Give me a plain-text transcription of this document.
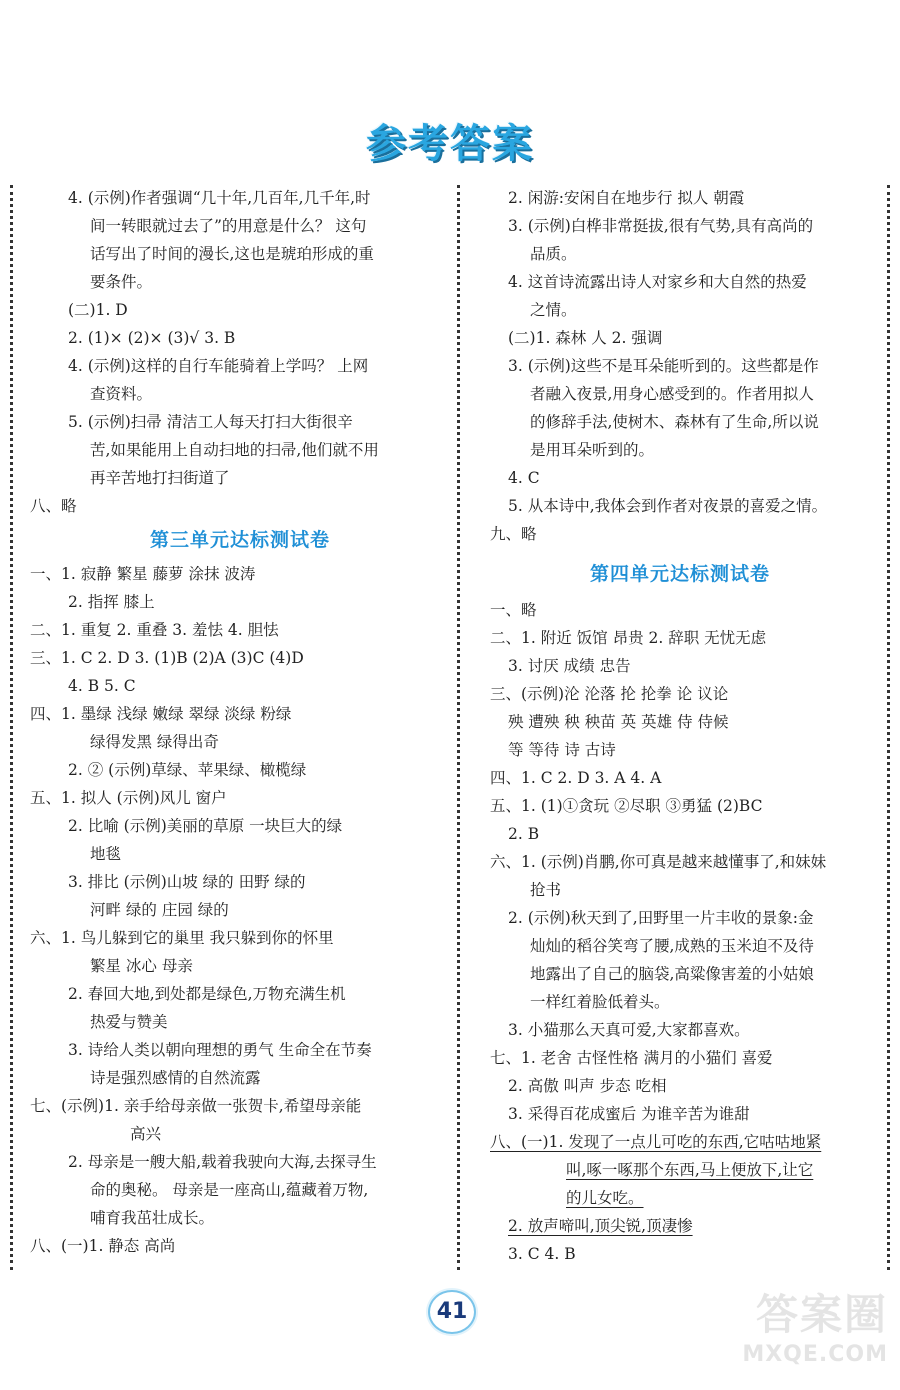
参考答案
4. (示例)作者强调“几十年,几百年,几千年,时
间一转眼就过去了”的用意是什么？ 这句
话写出了时间的漫长,这也是琥珀形成的重
要条件。
(二)1. D
2. (1)× (2)× (3)√ 3. B
4. (示例)这样的自行车能骑着上学吗？ 上网
查资料。
5. (示例)扫帚 清洁工人每天打扫大街很辛
苦,如果能用上自动扫地的扫帚,他们就不用
再辛苦地打扫街道了
八、略
第三单元达标测试卷
一、1. 寂静 繁星 藤萝 涂抹 波涛
2. 指挥 膝上
二、1. 重复 2. 重叠 3. 羞怯 4. 胆怯
三、1. C 2. D 3. (1)B (2)A (3)C (4)D
4. B 5. C
四、1. 墨绿 浅绿 嫩绿 翠绿 淡绿 粉绿
绿得发黑 绿得出奇
2. ② (示例)草绿、苹果绿、橄榄绿
五、1. 拟人 (示例)风儿 窗户
2. 比喻 (示例)美丽的草原 一块巨大的绿
地毯
3. 排比 (示例)山坡 绿的 田野 绿的
河畔 绿的 庄园 绿的
六、1. 鸟儿躲到它的巢里 我只躲到你的怀里
繁星 冰心 母亲
2. 春回大地,到处都是绿色,万物充满生机
热爱与赞美
3. 诗给人类以朝向理想的勇气 生命全在节奏
诗是强烈感情的自然流露
七、(示例)1. 亲手给母亲做一张贺卡,希望母亲能
高兴
2. 母亲是一艘大船,载着我驶向大海,去探寻生
命的奥秘。 母亲是一座高山,蕴藏着万物,
哺育我茁壮成长。
八、(一)1. 静态 高尚
2. 闲游:安闲自在地步行 拟人 朝霞
3. (示例)白桦非常挺拔,很有气势,具有高尚的
品质。
4. 这首诗流露出诗人对家乡和大自然的热爱
之情。
(二)1. 森林 人 2. 强调
3. (示例)这些不是耳朵能听到的。这些都是作
者融入夜景,用身心感受到的。作者用拟人
的修辞手法,使树木、森林有了生命,所以说
是用耳朵听到的。
4. C
5. 从本诗中,我体会到作者对夜景的喜爱之情。
九、略
第四单元达标测试卷
一、略
二、1. 附近 饭馆 昂贵 2. 辞职 无忧无虑
3. 讨厌 成绩 忠告
三、(示例)沦 沦落 抡 抡拳 论 议论
殃 遭殃 秧 秧苗 英 英雄 侍 侍候
等 等待 诗 古诗
四、1. C 2. D 3. A 4. A
五、1. (1)①贪玩 ②尽职 ③勇猛 (2)BC
2. B
六、1. (示例)肖鹏,你可真是越来越懂事了,和妹妹
抢书
2. (示例)秋天到了,田野里一片丰收的景象:金
灿灿的稻谷笑弯了腰,成熟的玉米迫不及待
地露出了自己的脑袋,高粱像害羞的小姑娘
一样红着脸低着头。
3. 小猫那么天真可爱,大家都喜欢。
七、1. 老舍 古怪性格 满月的小猫们 喜爱
2. 高傲 叫声 步态 吃相
3. 采得百花成蜜后 为谁辛苦为谁甜
八、(一)1. 发现了一点儿可吃的东西,它咕咕地紧
叫,啄一啄那个东西,马上便放下,让它
的儿女吃。
2. 放声啼叫,顶尖锐,顶凄惨
3. C 4. B
41	答案圈
MXQE.COM
